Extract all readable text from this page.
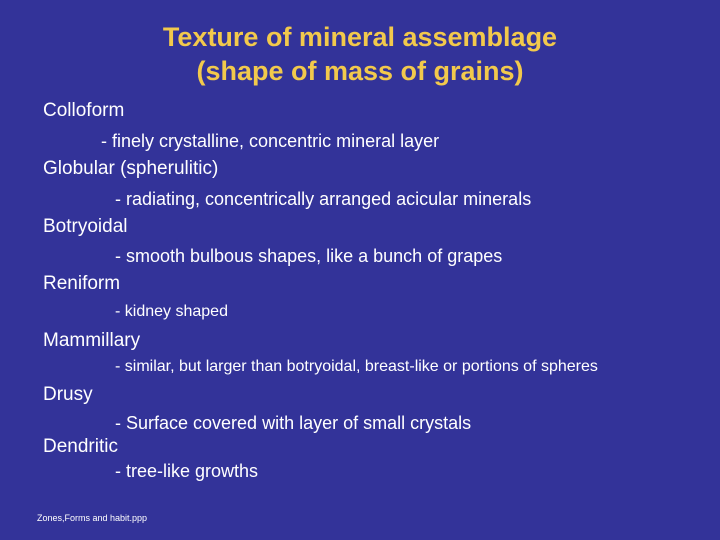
Texture of mineral assemblage
(shape of mass of grains)
Colloform
- finely crystalline, concentric mineral layer
Globular (spherulitic)
- radiating, concentrically arranged acicular minerals
Botryoidal
- smooth bulbous shapes, like a bunch of grapes
Reniform
- kidney shaped
Mammillary
- similar, but larger than botryoidal, breast-like or portions of spheres
Drusy
- Surface covered with layer of small crystals
Dendritic
- tree-like growths
Zones,Forms and habit.ppp
